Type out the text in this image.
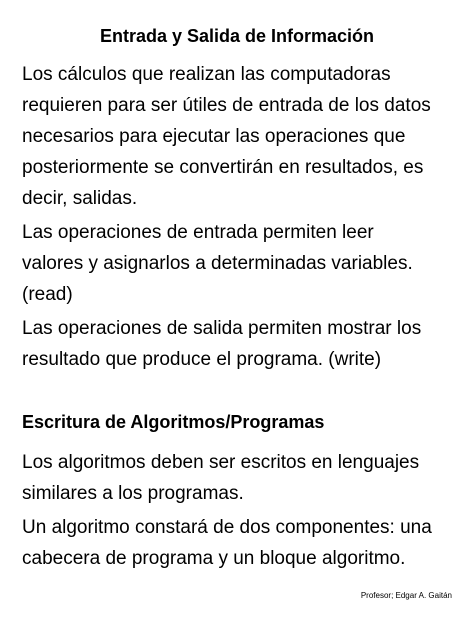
Entrada y Salida de Información
Los cálculos que realizan las computadoras
requieren para ser útiles de entrada de los datos
necesarios para ejecutar las operaciones que
posteriormente se convertirán en resultados, es
decir, salidas.
Las operaciones de entrada permiten leer
valores y asignarlos a determinadas variables.
(read)
Las operaciones de salida permiten mostrar los
resultado que produce el programa. (write)
Escritura de Algoritmos/Programas
Los algoritmos deben ser escritos en lenguajes
similares a los programas.
Un algoritmo constará de dos componentes: una
cabecera de programa y un bloque algoritmo.
Profesor; Edgar A. Gaitán
